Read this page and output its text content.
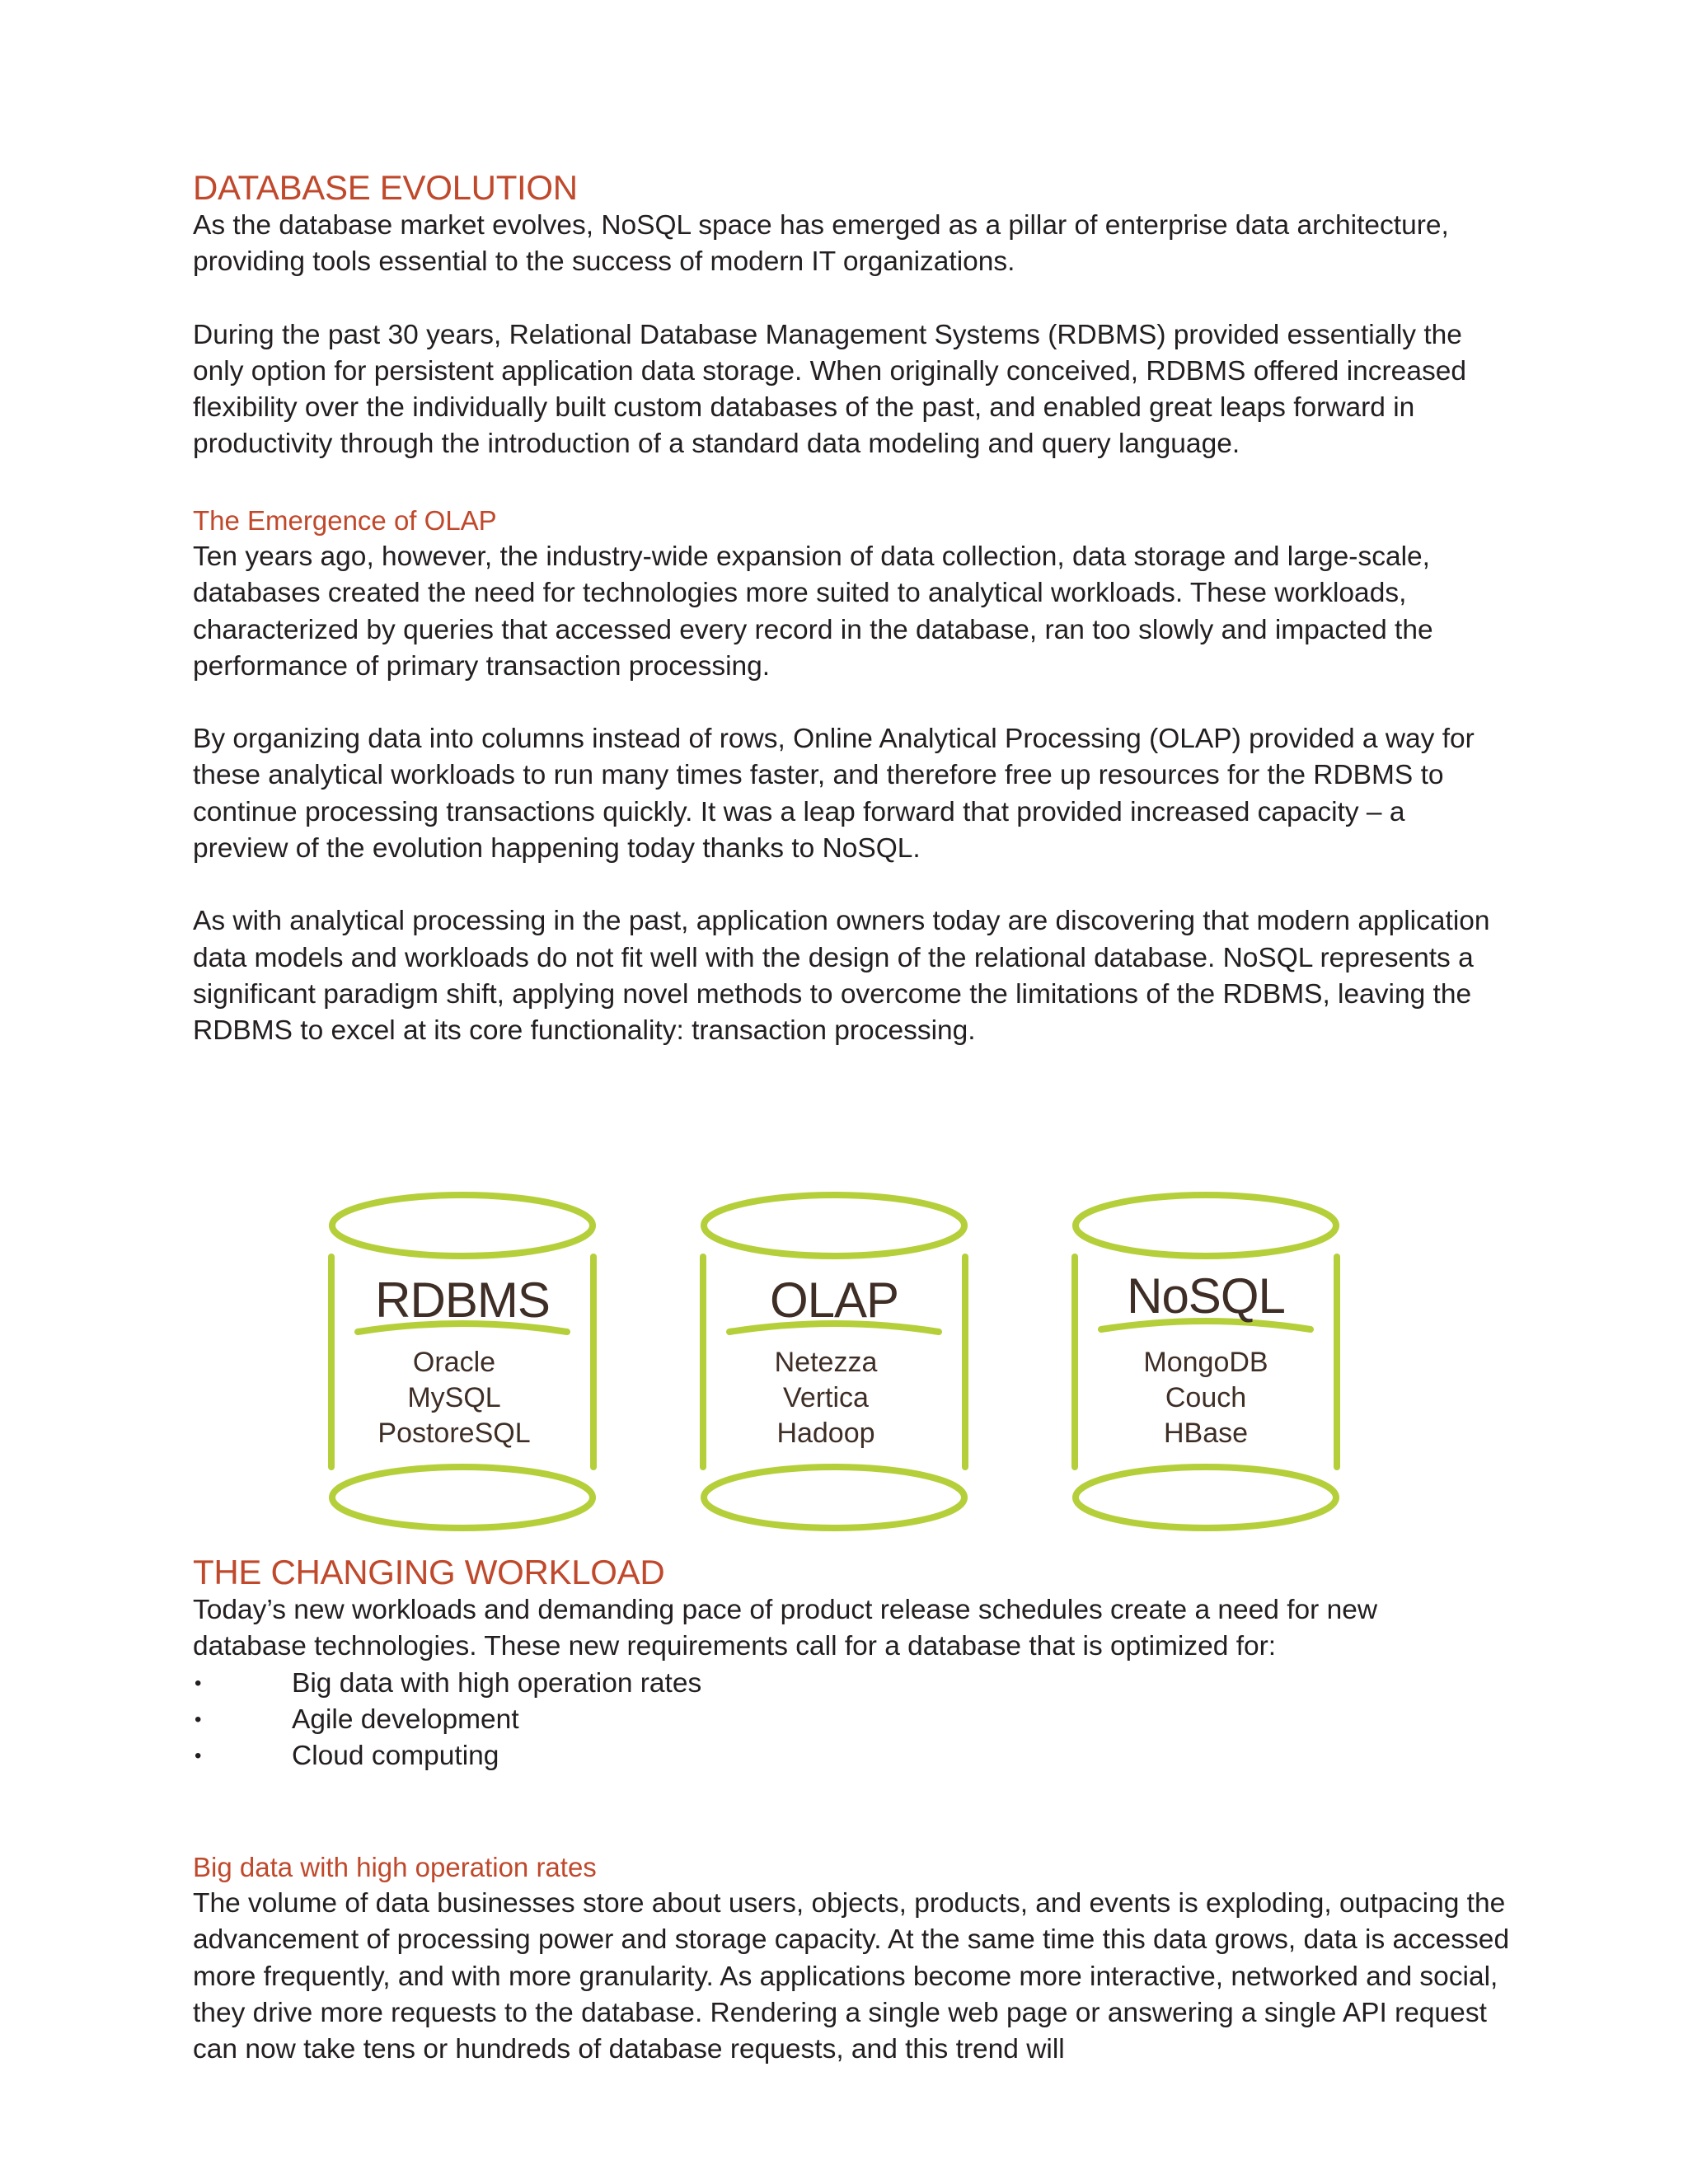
DATABASE EVOLUTION

As the database market evolves, NoSQL space has emerged as a pillar of enterprise data architecture, providing tools essential to the success of modern IT organizations.

During the past 30 years, Relational Database Management Systems (RDBMS) provided essentially the only option for persistent application data storage. When originally conceived, RDBMS offered increased flexibility over the individually built custom databases of the past, and enabled great leaps forward in productivity through the introduction of a standard data modeling and query language.

The Emergence of OLAP

Ten years ago, however, the industry-wide expansion of data collection, data storage and large-scale, databases created the need for technologies more suited to analytical workloads. These workloads, characterized by queries that accessed every record in the database, ran too slowly and impacted the performance of primary transaction processing.

By organizing data into columns instead of rows, Online Analytical Processing (OLAP) provided a way for these analytical workloads to run many times faster, and therefore free up resources for the RDBMS to continue processing transactions quickly. It was a leap forward that provided increased capacity – a preview of the evolution happening today thanks to NoSQL.

As with analytical processing in the past, application owners today are discovering that modern application data models and workloads do not fit well with the design of the relational database. NoSQL represents a significant paradigm shift, applying novel methods to overcome the limitations of the RDBMS, leaving the RDBMS to excel at its core functionality: transaction processing.

RDBMS
Oracle
MySQL
PostoreSQL
OLAP
Netezza
Vertica
Hadoop
NoSQL
MongoDB
Couch
HBase
THE CHANGING WORKLOAD

Today’s new workloads and demanding pace of product release schedules create a need for new database technologies. These new requirements call for a database that is optimized for:

•	Big data with high operation rates
•	Agile development
•	Cloud computing
Big data with high operation rates

The volume of data businesses store about users, objects, products, and events is exploding, outpacing the advancement of processing power and storage capacity. At the same time this data grows, data is accessed more frequently, and with more granularity. As applications become more interactive, networked and social, they drive more requests to the database. Rendering a single web page or answering a single API request can now take tens or hundreds of database requests, and this trend will
